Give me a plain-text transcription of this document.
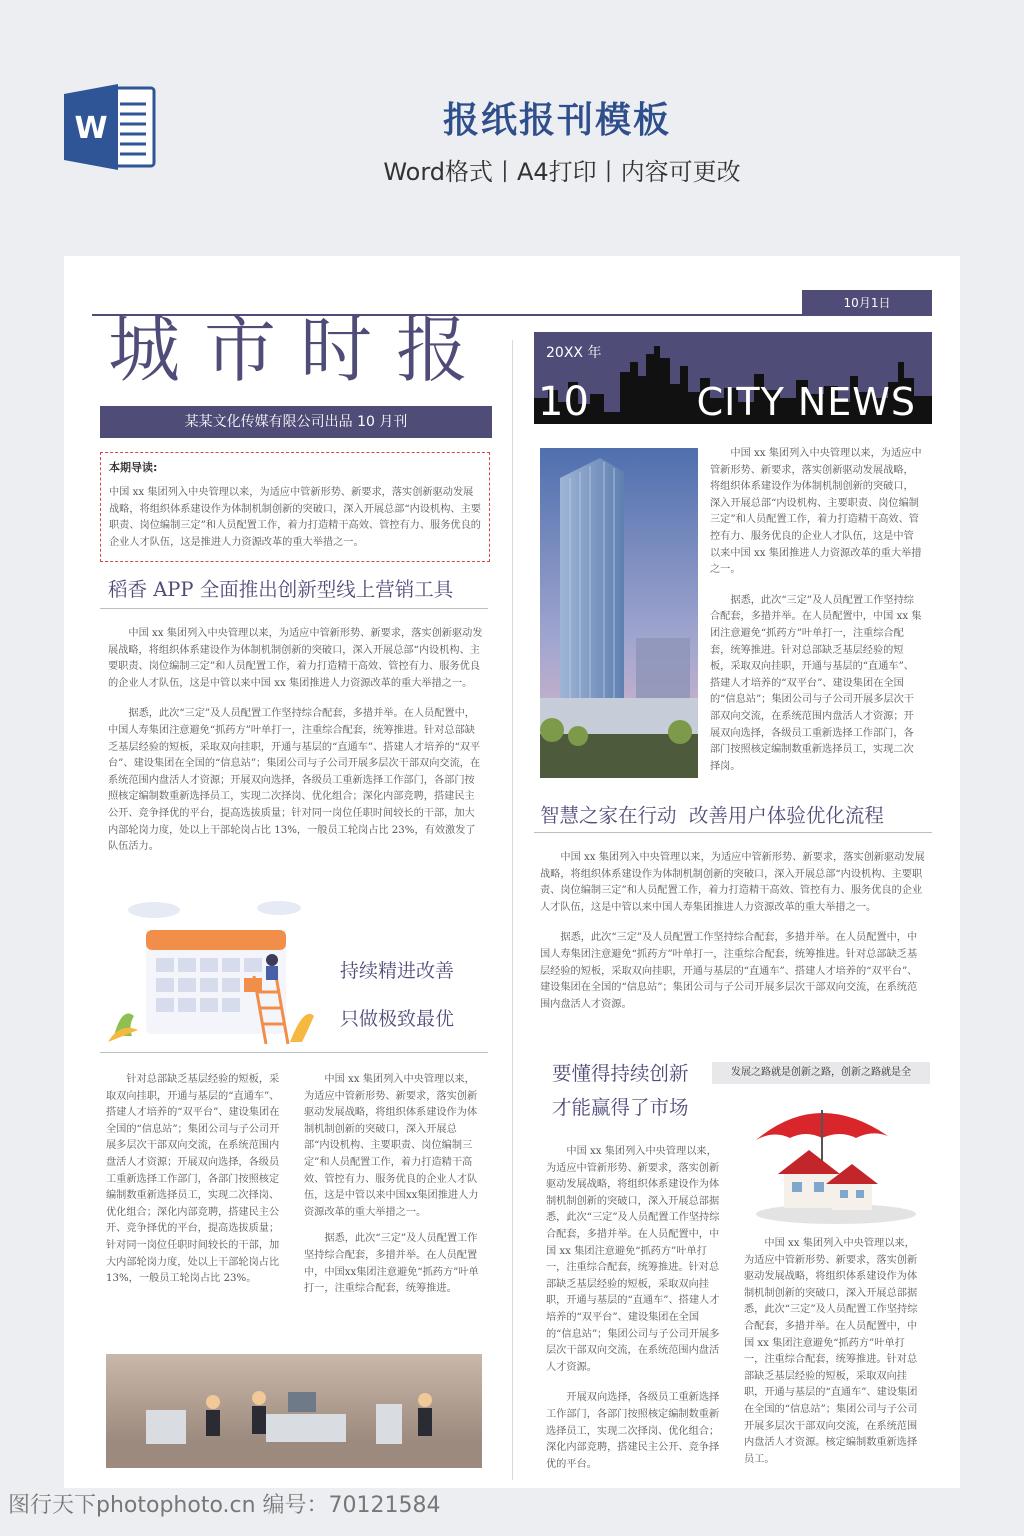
W	报纸报刊模板
Word格式丨A4打印丨内容可更改
10月1日
城市时报
某某文化传媒有限公司出品 10 月刊
本期导读:

中国 xx 集团列入中央管理以来，为适应中管新形势、新要求，落实创新驱动发展战略，将组织体系建设作为体制机制创新的突破口，深入开展总部“内设机构、主要职责、岗位编制三定”和人员配置工作，着力打造精干高效、管控有力、服务优良的企业人才队伍，这是推进人力资源改革的重大举措之一。

稻香 APP 全面推出创新型线上营销工具

中国 xx 集团列入中央管理以来，为适应中管新形势、新要求，落实创新驱动发展战略，将组织体系建设作为体制机制创新的突破口，深入开展总部“内设机构、主要职责、岗位编制三定”和人员配置工作，着力打造精干高效、管控有力、服务优良的企业人才队伍，这是中管以来中国 xx 集团推进人力资源改革的重大举措之一。

据悉，此次“三定”及人员配置工作坚持综合配套，多措并举。在人员配置中，中国人寿集团注意避免“抓药方”叶单打一，注重综合配套，统筹推进。针对总部缺乏基层经验的短板，采取双向挂职，开通与基层的“直通车”、搭建人才培养的“双平台”、建设集团在全国的“信息站”；集团公司与子公司开展多层次干部双向交流，在系统范围内盘活人才资源；开展双向选择，各级员工重新选择工作部门，各部门按照核定编制数重新选择员工，实现二次择岗、优化组合；深化内部竞聘，搭建民主公开、竞争择优的平台，提高选拔质量；针对同一岗位任职时间较长的干部，加大内部轮岗力度，处以上干部轮岗占比 13%，一般员工轮岗占比 23%，有效激发了队伍活力。

持续精进改善
只做极致最优

针对总部缺乏基层经验的短板，采取双向挂职，开通与基层的“直通车”、搭建人才培养的“双平台”、建设集团在全国的“信息站”；集团公司与子公司开展多层次干部双向交流，在系统范围内盘活人才资源；开展双向选择，各级员工重新选择工作部门，各部门按照核定编制数重新选择员工，实现二次择岗、优化组合；深化内部竞聘，搭建民主公开、竞争择优的平台，提高选拔质量；针对同一岗位任职时间较长的干部，加大内部轮岗力度，处以上干部轮岗占比 13%，一般员工轮岗占比 23%。

中国 xx 集团列入中央管理以来，为适应中管新形势、新要求，落实创新驱动发展战略，将组织体系建设作为体制机制创新的突破口，深入开展总部“内设机构、主要职责、岗位编制三定”和人员配置工作，着力打造精干高效、管控有力、服务优良的企业人才队伍，这是中管以来中国xx集团推进人力资源改革的重大举措之一。

据悉，此次“三定”及人员配置工作坚持综合配套，多措并举。在人员配置中，中国xx集团注意避免“抓药方”叶单打一，注重综合配套，统筹推进。

20XX 年
10	CITY NEWS

中国 xx 集团列入中央管理以来，为适应中管新形势、新要求，落实创新驱动发展战略，将组织体系建设作为体制机制创新的突破口，深入开展总部“内设机构、主要职责、岗位编制三定”和人员配置工作，着力打造精干高效、管控有力、服务优良的企业人才队伍，这是中管以来中国 xx 集团推进人力资源改革的重大举措之一。

据悉，此次“三定”及人员配置工作坚持综合配套，多措并举。在人员配置中，中国 xx 集团注意避免“抓药方”叶单打一，注重综合配套，统筹推进。针对总部缺乏基层经验的短板，采取双向挂职，开通与基层的“直通车”、搭建人才培养的“双平台”、建设集团在全国的“信息站”；集团公司与子公司开展多层次干部双向交流，在系统范围内盘活人才资源；开展双向选择，各级员工重新选择工作部门，各部门按照核定编制数重新选择员工，实现二次择岗。

智慧之家在行动  改善用户体验优化流程

中国 xx 集团列入中央管理以来，为适应中管新形势、新要求，落实创新驱动发展战略，将组织体系建设作为体制机制创新的突破口，深入开展总部“内设机构、主要职责、岗位编制三定”和人员配置工作，着力打造精干高效、管控有力、服务优良的企业人才队伍，这是中管以来中国人寿集团推进人力资源改革的重大举措之一。

据悉，此次“三定”及人员配置工作坚持综合配套，多措并举。在人员配置中，中国人寿集团注意避免“抓药方”叶单打一，注重综合配套，统筹推进。针对总部缺乏基层经验的短板，采取双向挂职，开通与基层的“直通车”、搭建人才培养的“双平台”、建设集团在全国的“信息站”；集团公司与子公司开展多层次干部双向交流，在系统范围内盘活人才资源。

要懂得持续创新
才能赢得了市场
发展之路就是创新之路，创新之路就是全

中国 xx 集团列入中央管理以来，为适应中管新形势、新要求，落实创新驱动发展战略，将组织体系建设作为体制机制创新的突破口，深入开展总部据悉，此次“三定”及人员配置工作坚持综合配套，多措并举。在人员配置中，中国 xx 集团注意避免“抓药方”叶单打一，注重综合配套，统筹推进。针对总部缺乏基层经验的短板，采取双向挂职，开通与基层的“直通车”、搭建人才培养的“双平台”、建设集团在全国的“信息站”；集团公司与子公司开展多层次干部双向交流，在系统范围内盘活人才资源。

开展双向选择，各级员工重新选择工作部门，各部门按照核定编制数重新选择员工，实现二次择岗、优化组合；深化内部竞聘，搭建民主公开、竞争择优的平台。

中国 xx 集团列入中央管理以来，为适应中管新形势、新要求，落实创新驱动发展战略，将组织体系建设作为体制机制创新的突破口，深入开展总部据悉，此次“三定”及人员配置工作坚持综合配套，多措并举。在人员配置中，中国 xx 集团注意避免“抓药方”叶单打一，注重综合配套，统筹推进。针对总部缺乏基层经验的短板，采取双向挂职，开通与基层的“直通车”、建设集团在全国的“信息站”；集团公司与子公司开展多层次干部双向交流，在系统范围内盘活人才资源。核定编制数重新选择员工。

图行天下photophoto.cn 编号：70121584
